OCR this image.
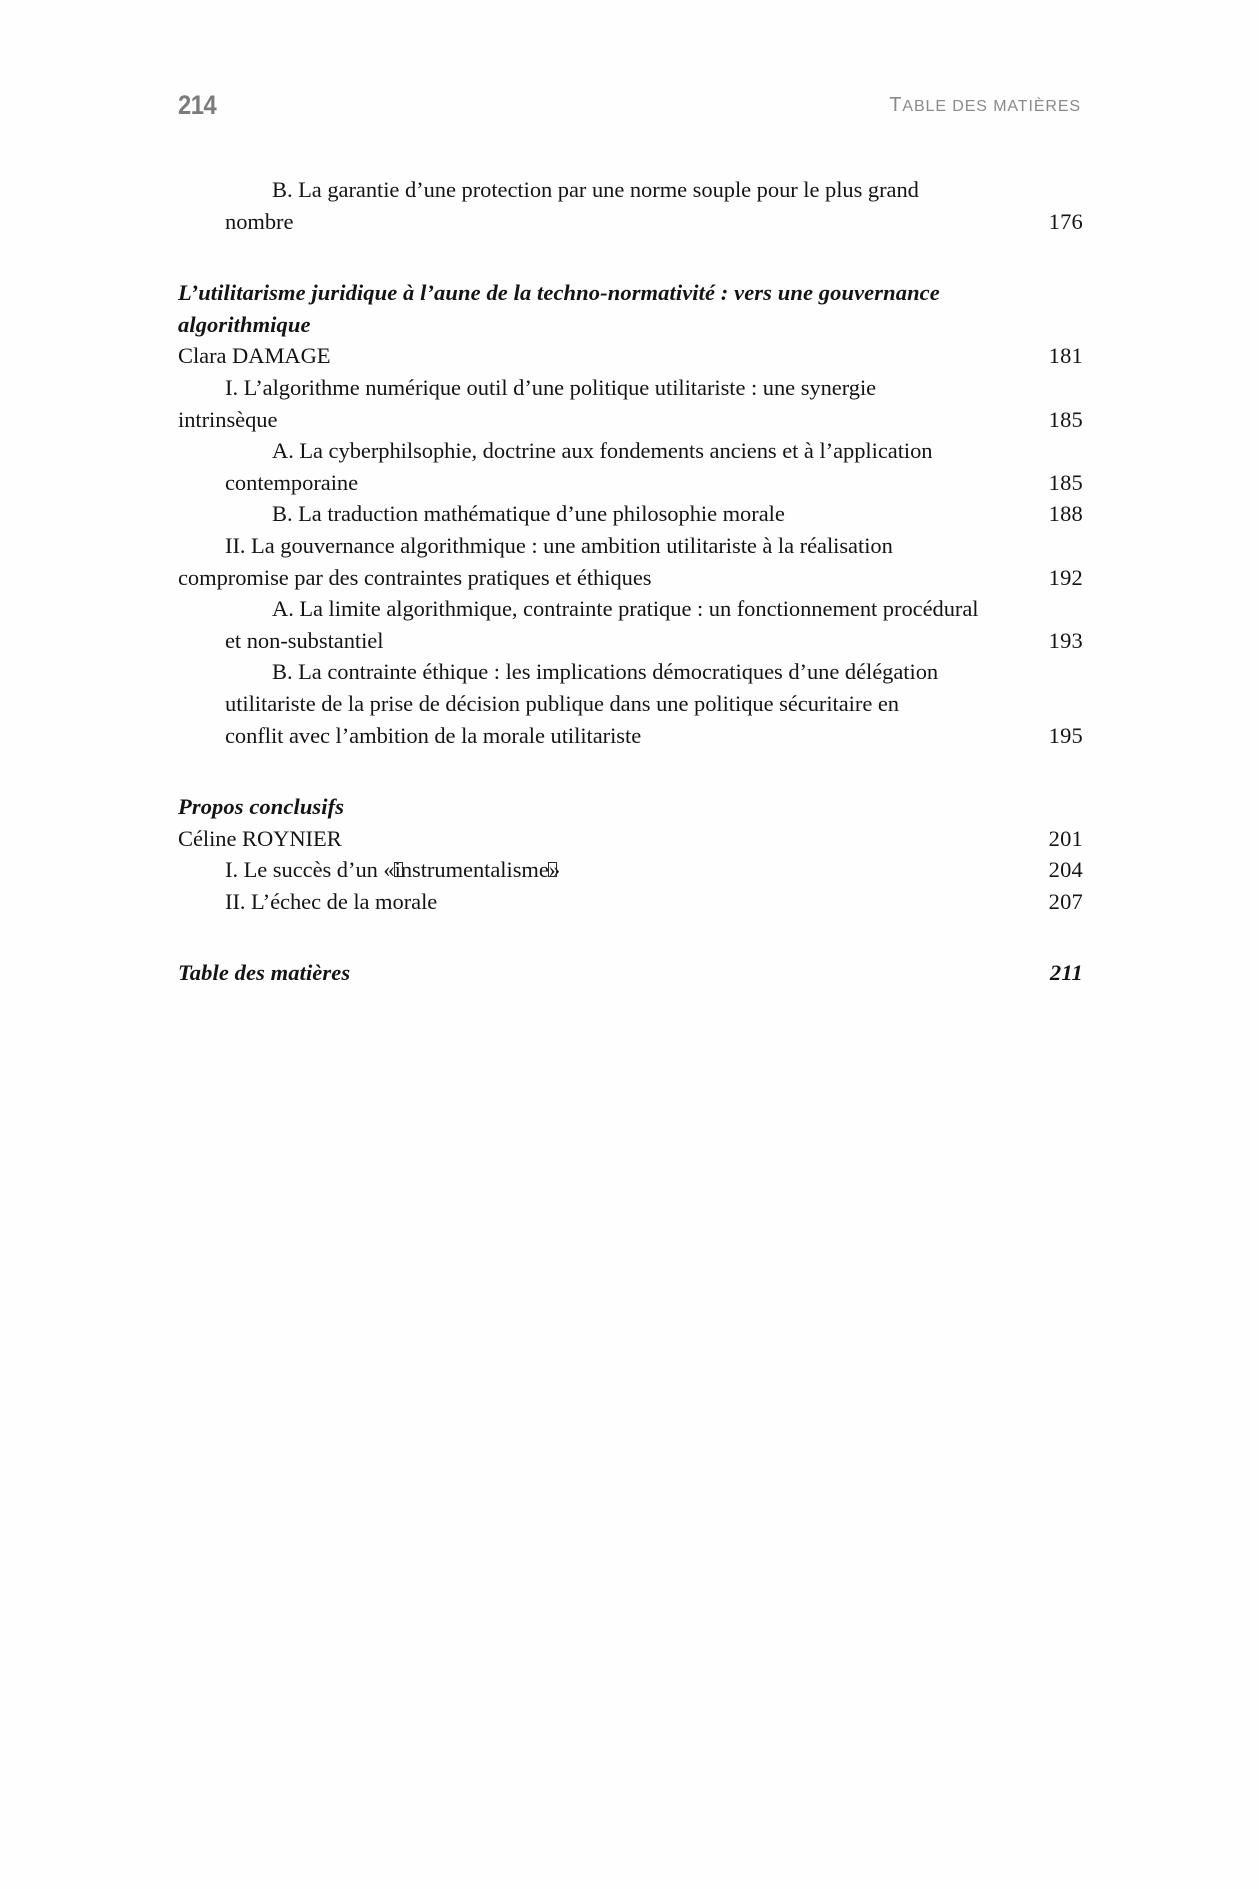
214	TABLE DES MATIÈRES
B. La garantie d’une protection par une norme souple pour le plus grand
nombre	176
L’utilitarisme juridique à l’aune de la techno-normativité : vers une gouvernance
algorithmique
Clara DAMAGE	181
I. L’algorithme numérique outil d’une politique utilitariste : une synergie
intrinsèque	185
A. La cyberphilsophie, doctrine aux fondements anciens et à l’application
contemporaine	185
B. La traduction mathématique d’une philosophie morale	188
II. La gouvernance algorithmique : une ambition utilitariste à la réalisation
compromise par des contraintes pratiques et éthiques	192
A. La limite algorithmique, contrainte pratique : un fonctionnement procédural
et non-substantiel	193
B. La contrainte éthique : les implications démocratiques d’une délégation
utilitariste de la prise de décision publique dans une politique sécuritaire en
conflit avec l’ambition de la morale utilitariste	195
Propos conclusifs
Céline ROYNIER	201
I. Le succès d’un «instrumentalisme»	204
II. L’échec de la morale	207
Table des matières	211
